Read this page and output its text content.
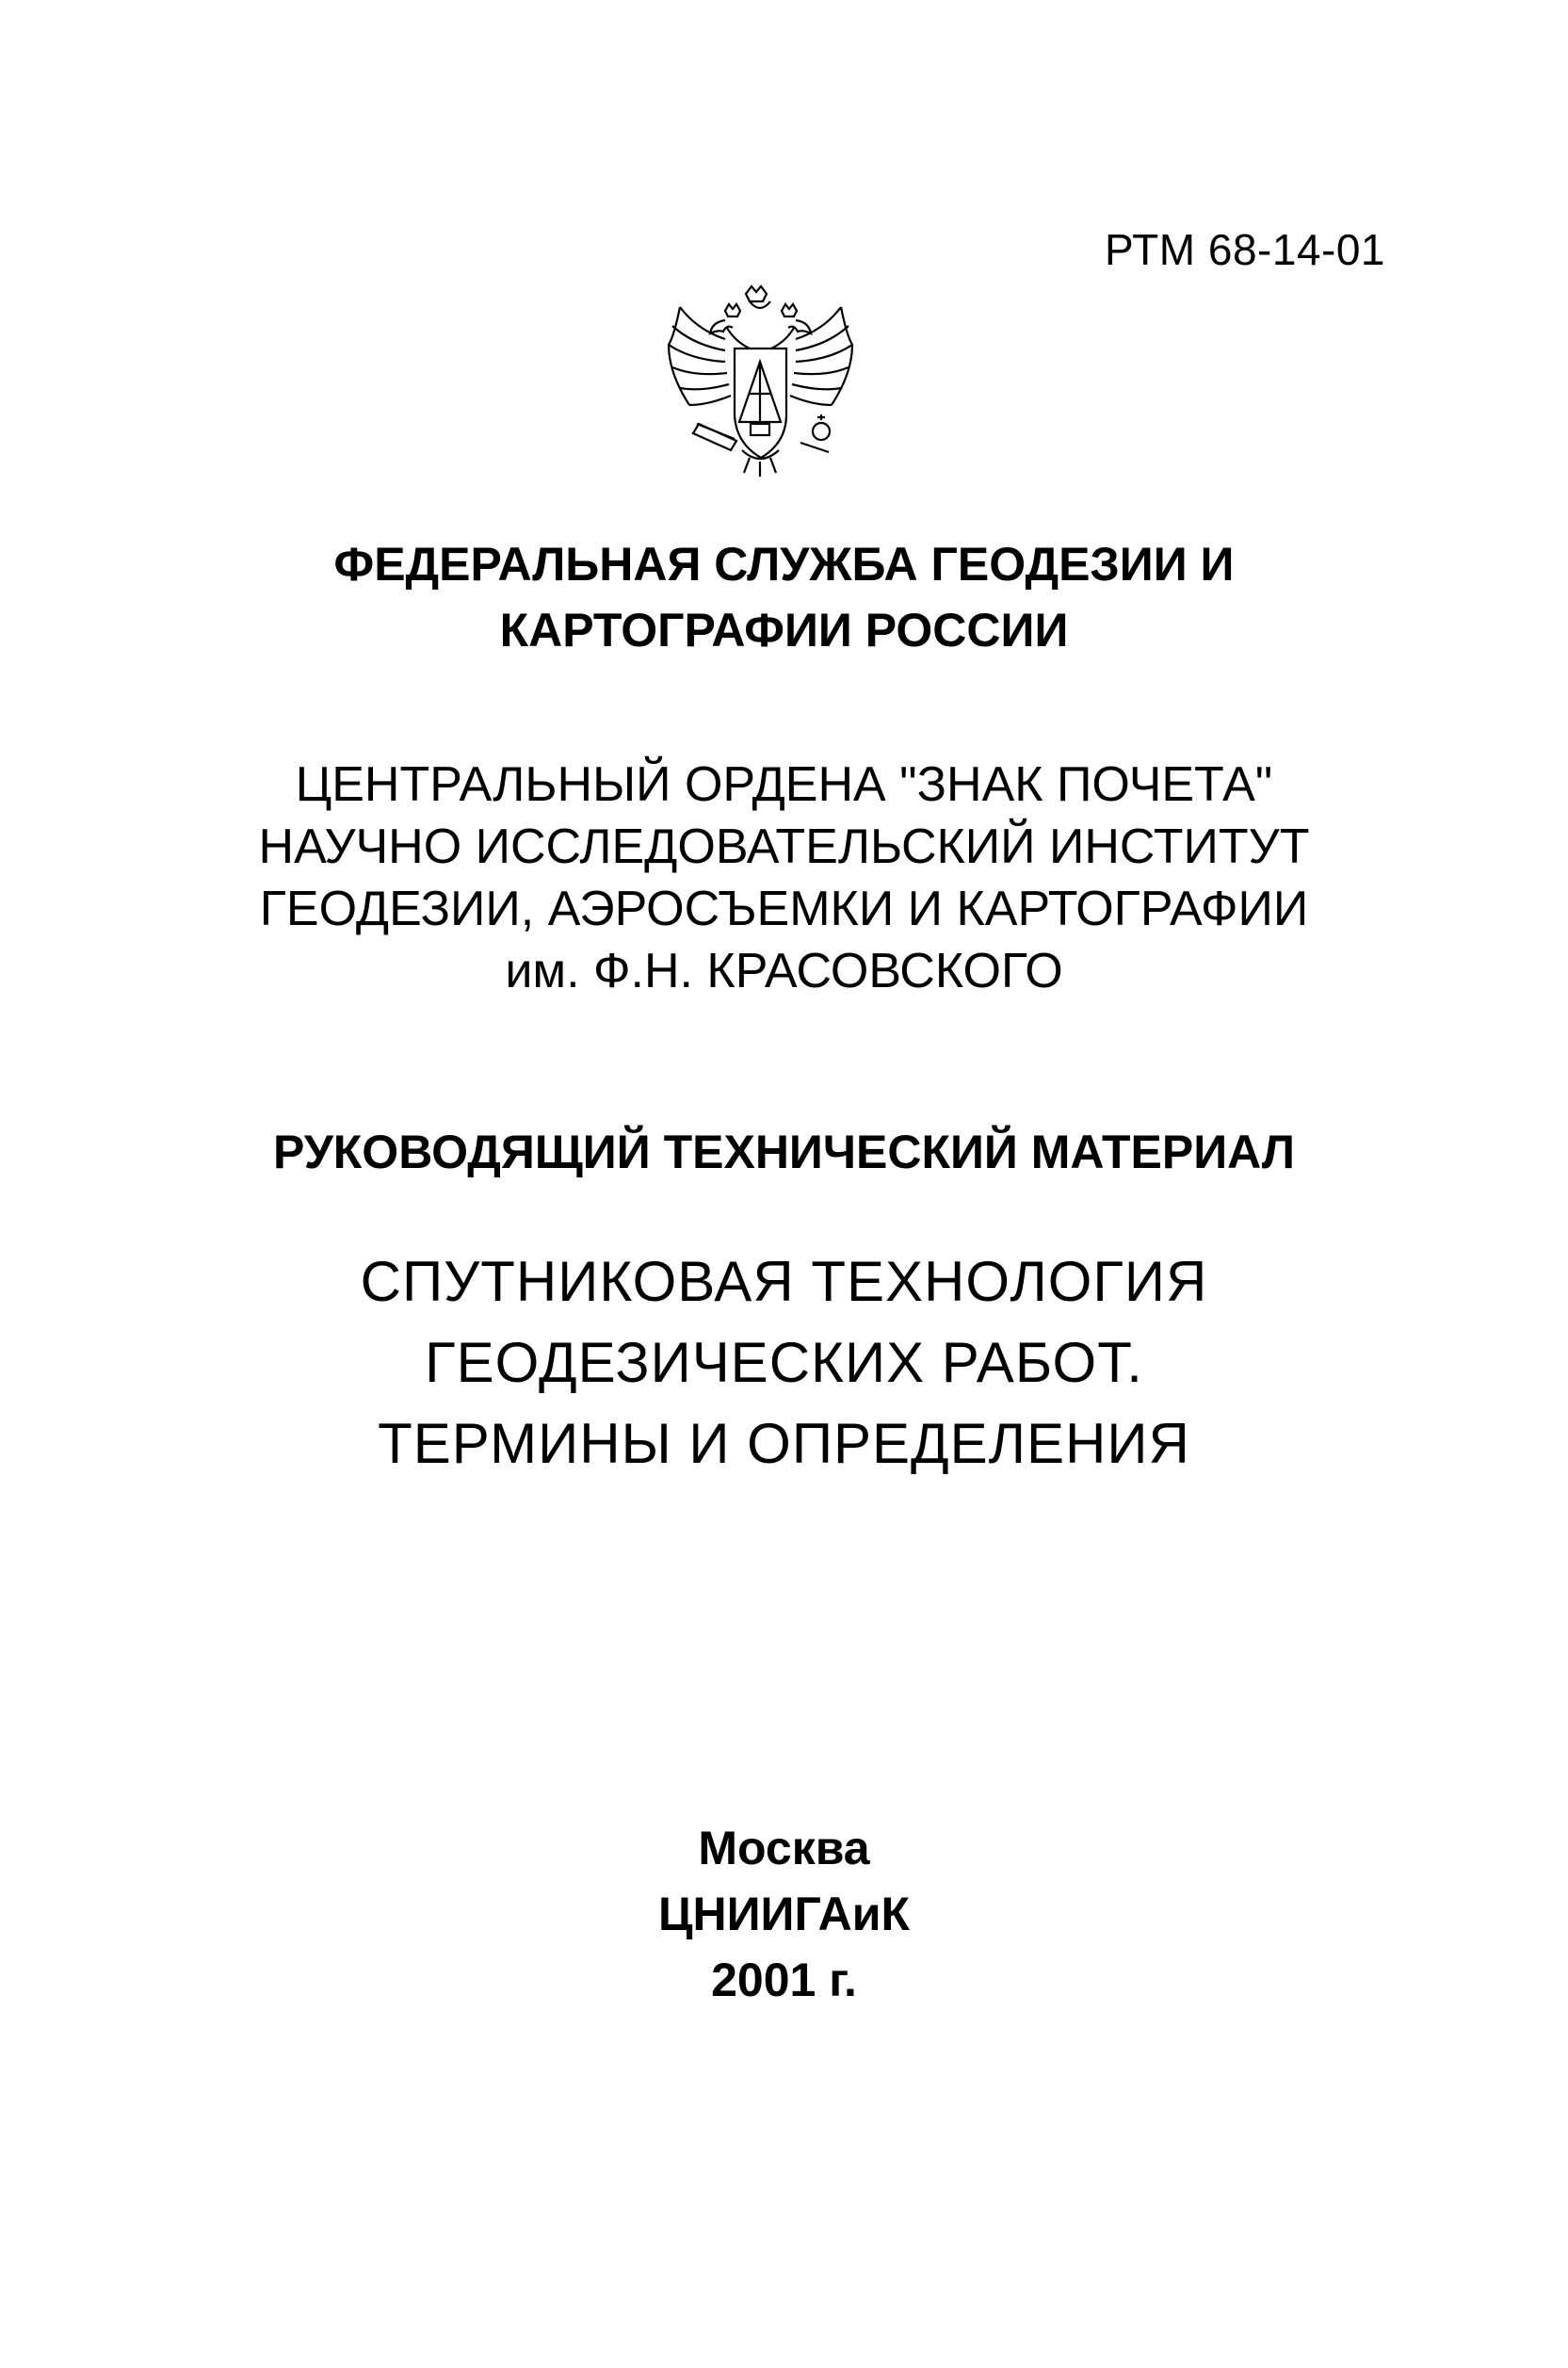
РТМ 68-14-01
ФЕДЕРАЛЬНАЯ СЛУЖБА ГЕОДЕЗИИ И
КАРТОГРАФИИ РОССИИ
ЦЕНТРАЛЬНЫЙ ОРДЕНА "ЗНАК ПОЧЕТА"
НАУЧНО ИССЛЕДОВАТЕЛЬСКИЙ ИНСТИТУТ
ГЕОДЕЗИИ, АЭРОСЪЕМКИ И КАРТОГРАФИИ
им. Ф.Н. КРАСОВСКОГО
РУКОВОДЯЩИЙ ТЕХНИЧЕСКИЙ МАТЕРИАЛ
СПУТНИКОВАЯ ТЕХНОЛОГИЯ
ГЕОДЕЗИЧЕСКИХ РАБОТ.
ТЕРМИНЫ И ОПРЕДЕЛЕНИЯ
Москва
ЦНИИГАиК
2001 г.
